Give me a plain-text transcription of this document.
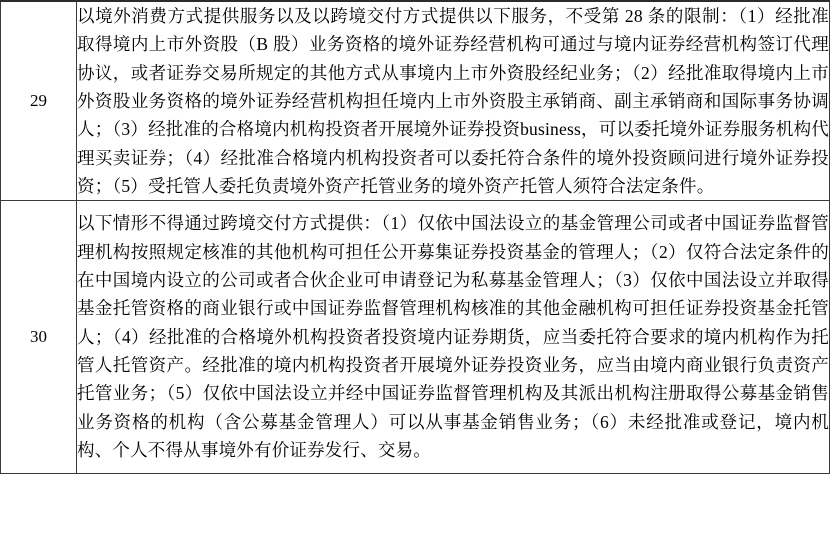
29	以境外消费方式提供服务以及以跨境交付方式提供以下服务，不受第 28 条的限制：（1）经批准取得境内上市外资股（B 股）业务资格的境外证券经营机构可通过与境内证券经营机构签订代理协议，或者证券交易所规定的其他方式从事境内上市外资股经纪业务；（2）经批准取得境内上市外资股业务资格的境外证券经营机构担任境内上市外资股主承销商、副主承销商和国际事务协调人；（3）经批准的合格境内机构投资者开展境外证券投资business，可以委托境外证券服务机构代理买卖证券；（4）经批准合格境内机构投资者可以委托符合条件的境外投资顾问进行境外证券投资；（5）受托管人委托负责境外资产托管业务的境外资产托管人须符合法定条件。

30	以下情形不得通过跨境交付方式提供：（1）仅依中国法设立的基金管理公司或者中国证券监督管理机构按照规定核准的其他机构可担任公开募集证券投资基金的管理人；（2）仅符合法定条件的在中国境内设立的公司或者合伙企业可申请登记为私募基金管理人；（3）仅依中国法设立并取得基金托管资格的商业银行或中国证券监督管理机构核准的其他金融机构可担任证券投资基金托管人；（4）经批准的合格境外机构投资者投资境内证券期货，应当委托符合要求的境内机构作为托管人托管资产。经批准的境内机构投资者开展境外证券投资业务，应当由境内商业银行负责资产托管业务；（5）仅依中国法设立并经中国证券监督管理机构及其派出机构注册取得公募基金销售业务资格的机构（含公募基金管理人）可以从事基金销售业务；（6）未经批准或登记，境内机构、个人不得从事境外有价证券发行、交易。
